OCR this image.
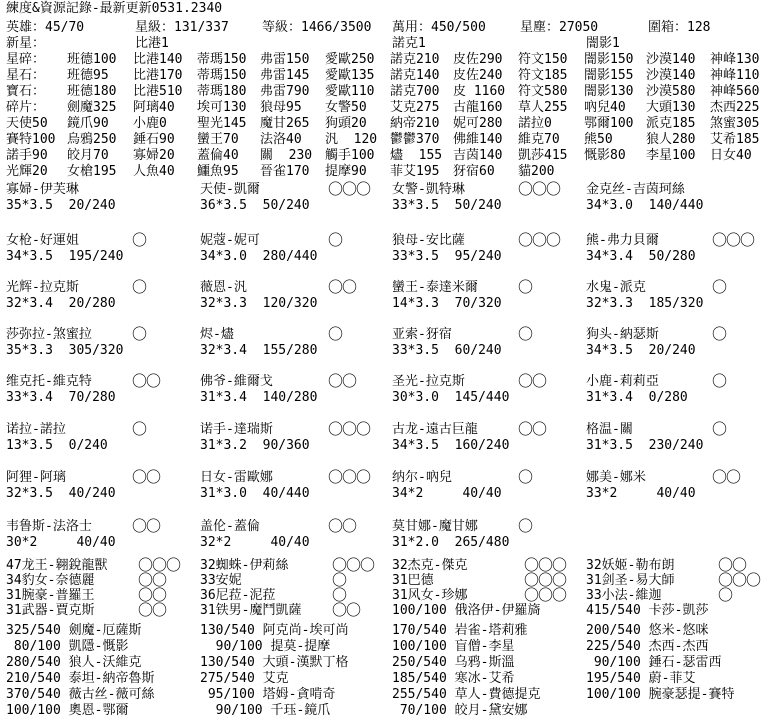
練度&資源記錄-最新更新0531.2340
英雄：45/70	星級：131/337	等級：1466/3500 萬用：450/500	星塵：27050	圍箱：128
新星：	比港1	諾克1	闇影1
星碎： 班德100 比港140 蒂瑪150 弗雷150 愛歐250 諾克210 皮佐290 符文150 闇影150 沙漠140 神峰130
星石： 班德95 比港170 蒂瑪150 弗雷145 愛歐135 諾克140 皮佐240 符文185 闇影155 沙漠140 神峰110
寶石： 班德180 比港510 蒂瑪180 弗雷790 愛歐110 諾克700 皮 1160 符文580 闇影130 沙漠580 神峰560
碎片： 劍魔325 阿璃40 埃可130 狼母95 女警50 艾克275 古龍160 草人255 吶兒40 大頭130 杰西225
天使50 鏡爪90 小鹿0 聖光145 魔甘265 狗頭20 納帝210 妮可280 諾拉0 鄂爾100 派克185 煞蜜305
賽特100 烏鴉250 錘石90 蠻王70 法洛40 汎  120 鬱鬱370 佛維140 維克70 熊50	狼人280 艾希185
諾手90 皎月70 寡婦20 蓋倫40 關  230 觸手100 燼  155 吉茵140 凱莎415 慨影80 李星100 日女40
光輝20 女槍195 人魚40 鱷魚95 晉雀170 提摩90 菲艾195 犽宿60 貓200
寡婦-伊芙琳
35*3.5  20/240
天使-凱爾	〇〇〇
36*3.5  50/240
女警-凱特琳	〇〇〇
33*3.5  50/240
金克丝-吉茵珂絲
34*3.0  140/440
女枪-好運姐	〇
34*3.5  195/240
妮蔻-妮可	〇
34*3.0  280/440
狼母-安比薩	〇〇〇
33*3.5  95/240
熊-弗力貝爾	〇〇〇
34*3.4  50/280
光辉-拉克斯	〇
32*3.4  20/280
薇恩-汎	〇〇
32*3.3  120/320
蠻王-泰達米爾	〇
14*3.3  70/320
水鬼-派克	〇
32*3.3  185/320
莎弥拉-煞蜜拉	〇
35*3.3  305/320
烬-燼	〇
32*3.4  155/280
亚索-犽宿	〇
33*3.5  60/240
狗头-納瑟斯	〇
34*3.5  20/240
维克托-維克特	〇〇
33*3.4  70/280
佛爷-維爾戈	〇〇
31*3.4  140/280
圣光-拉克斯	〇〇
30*3.0  145/440
小鹿-莉莉亞	〇
31*3.4  0/280
诺拉-諾拉	〇
13*3.5  0/240
诺手-達瑞斯	〇〇〇
31*3.2  90/360
古龙-遠古巨龍	〇〇
34*3.5  160/240
格温-關	〇
31*3.5  230/240
阿狸-阿璃	〇〇
32*3.5  40/240
日女-雷歐娜	〇〇〇
31*3.0  40/440
纳尔-吶兒	〇
34*2     40/40
娜美-娜米	〇〇
33*2     40/40
韦鲁斯-法洛士	〇〇
30*2     40/40
盖伦-蓋倫	〇〇
32*2     40/40
莫甘娜-魔甘娜	〇
31*2.0  265/480
47龙王-翱銳龍獸 〇〇〇 32蜘蛛-伊莉絲	〇〇〇 32杰克-傑克	〇〇〇 32妖姬-勒布朗	〇〇
34豹女-奈德麗	〇〇	33安妮	〇	31巴德	〇〇〇 31剑圣-易大師	〇〇〇
31腕豪-普羅王	〇〇	36尼菈-泥菈	〇	31风女-珍娜	〇〇〇 33小法-維迦	〇
31武器-賈克斯	〇〇	31铁男-魔鬥凱薩 〇〇 100/100 俄洛伊-伊羅旖	415/540 卡莎-凱莎
325/540 劍魔-厄薩斯	130/540 阿克尚-埃可尚	170/540 岩雀-塔莉雅	200/540 悠米-悠咪
80/100 凱隱-慨影	90/100 提莫-提摩	100/100 盲僧-李星	225/540 杰西-杰西
280/540 狼人-沃維克	130/540 大頭-漢默丁格	250/540 乌鸦-斯溫	90/100 錘石-瑟雷西
210/540 泰坦-納帝魯斯	275/540 艾克	185/540 寒冰-艾希	195/540 蔚-菲艾
370/540 薇古丝-薇可絲	95/100 塔姆-貪啃奇	255/540 草人-費德提克	100/100 腕豪瑟提-賽特
100/100 奧恩-鄂爾	90/100 千珏-鏡爪	70/100 皎月-黛安娜
